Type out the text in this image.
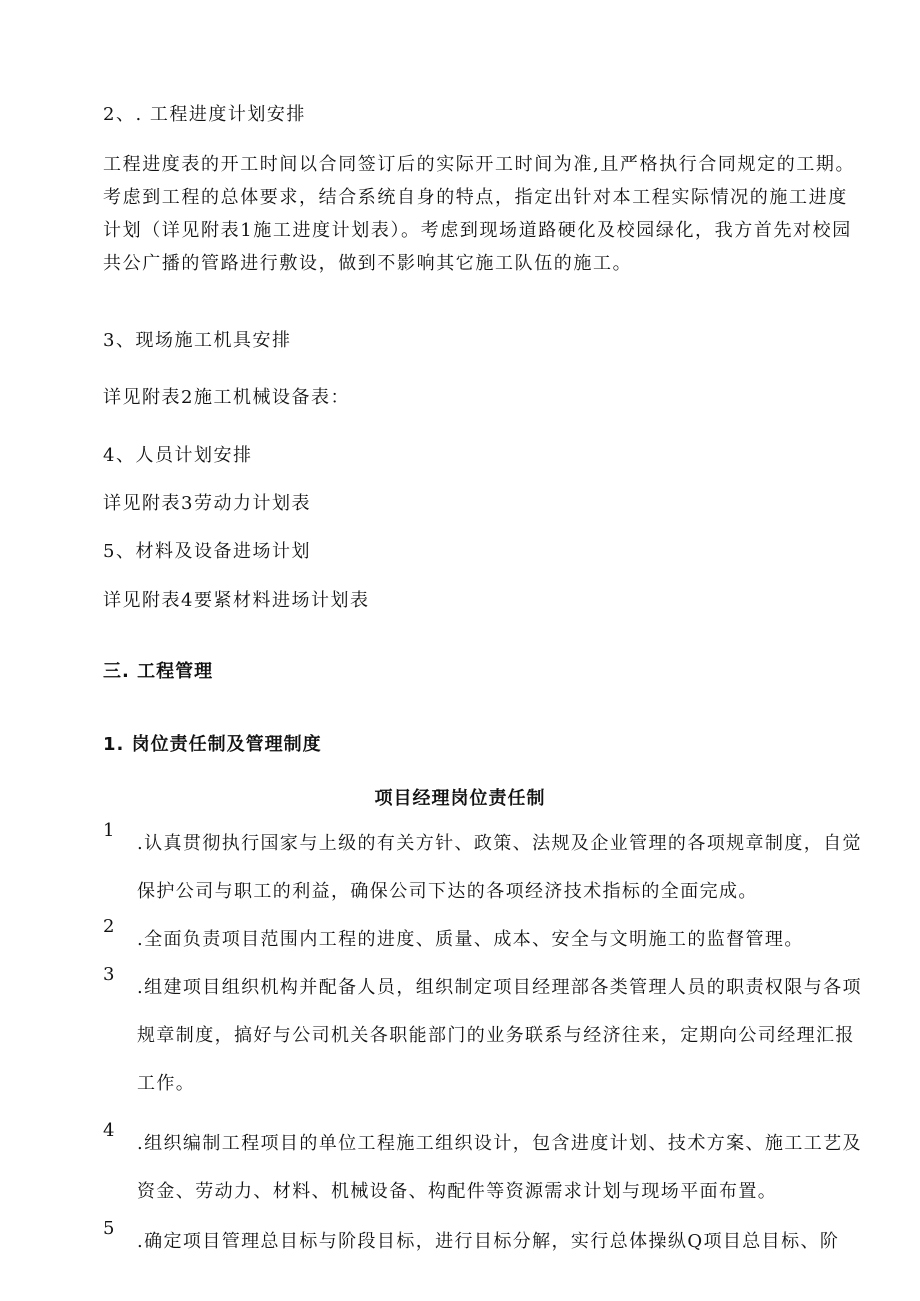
2、. 工程进度计划安排
工程进度表的开工时间以合同签订后的实际开工时间为准,且严格执行合同规定的工期。考虑到工程的总体要求，结合系统自身的特点，指定出针对本工程实际情况的施工进度计划（详见附表1施工进度计划表）。考虑到现场道路硬化及校园绿化，我方首先对校园共公广播的管路进行敷设，做到不影响其它施工队伍的施工。
3、现场施工机具安排
详见附表2施工机械设备表：
4、人员计划安排
详见附表3劳动力计划表
5、材料及设备进场计划
详见附表4要紧材料进场计划表
三. 工程管理
1. 岗位责任制及管理制度
项目经理岗位责任制
1
.认真贯彻执行国家与上级的有关方针、政策、法规及企业管理的各项规章制度，自觉保护公司与职工的利益，确保公司下达的各项经济技术指标的全面完成。
2
.全面负责项目范围内工程的进度、质量、成本、安全与文明施工的监督管理。
3
.组建项目组织机构并配备人员，组织制定项目经理部各类管理人员的职责权限与各项规章制度，搞好与公司机关各职能部门的业务联系与经济往来，定期向公司经理汇报工作。
4
.组织编制工程项目的单位工程施工组织设计，包含进度计划、技术方案、施工工艺及资金、劳动力、材料、机械设备、构配件等资源需求计划与现场平面布置。
5
.确定项目管理总目标与阶段目标，进行目标分解，实行总体操纵Q项目总目标、阶
